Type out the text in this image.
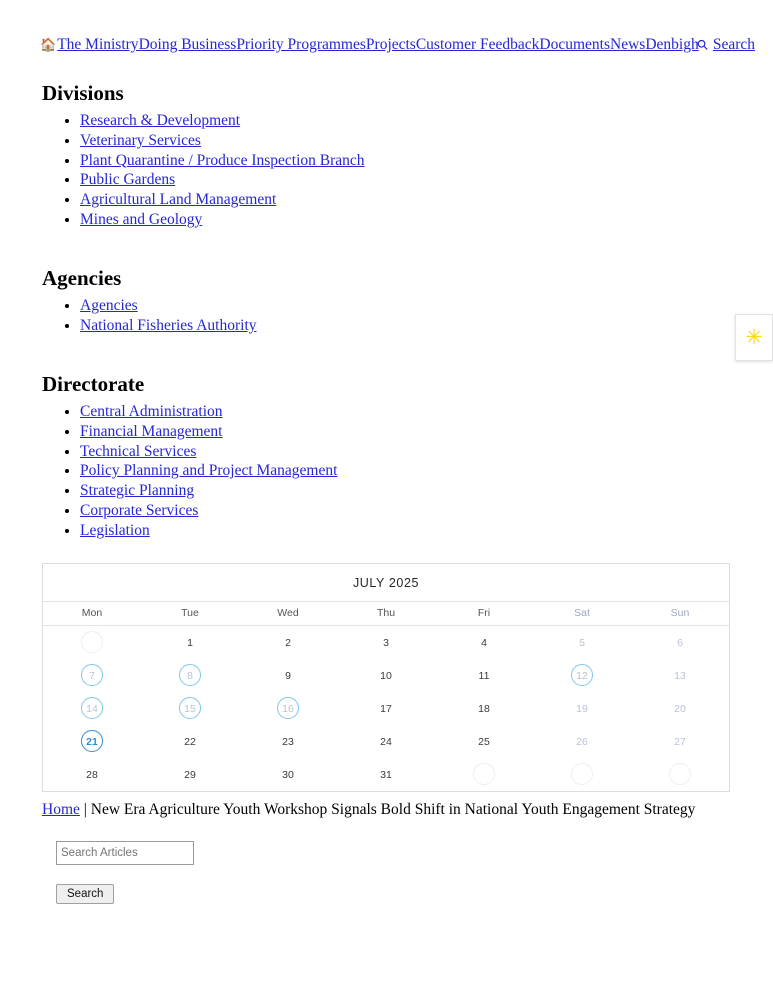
🏠The MinistryDoing BusinessPriority ProgrammesProjectsCustomer FeedbackDocumentsNewsDenbigh⚲ Search
Divisions
• Research & Development
• Veterinary Services
• Plant Quarantine / Produce Inspection Branch
• Public Gardens
• Agricultural Land Management
• Mines and Geology
Agencies
• Agencies
• National Fisheries Authority
Directorate
• Central Administration
• Financial Management
• Technical Services
• Policy Planning and Project Management
• Strategic Planning
• Corporate Services
• Legislation
✳
JULY 2025
Mon	Tue	Wed	Thu	Fri	Sat	Sun

	1	2	3	4	5	6

7	8	9	10	11	12	13

14	15	16	17	18	19	20

21	22	23	24	25	26	27

28	29	30	31			

Home | New Era Agriculture Youth Workshop Signals Bold Shift in National Youth Engagement Strategy
Search Articles
Search
